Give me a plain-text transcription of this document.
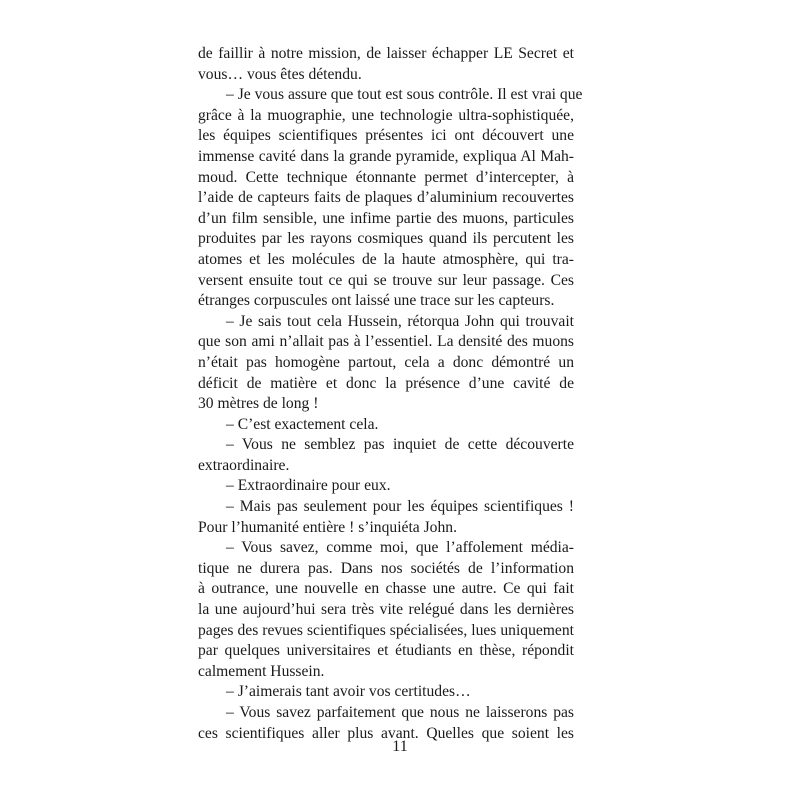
de faillir à notre mission, de laisser échapper LE Secret et
vous… vous êtes détendu.
– Je vous assure que tout est sous contrôle. Il est vrai que
grâce à la muographie, une technologie ultra-sophistiquée,
les équipes scientifiques présentes ici ont découvert une
immense cavité dans la grande pyramide, expliqua Al Mah-
moud. Cette technique étonnante permet d’intercepter, à
l’aide de capteurs faits de plaques d’aluminium recouvertes
d’un film sensible, une infime partie des muons, particules
produites par les rayons cosmiques quand ils percutent les
atomes et les molécules de la haute atmosphère, qui tra-
versent ensuite tout ce qui se trouve sur leur passage. Ces
étranges corpuscules ont laissé une trace sur les capteurs.
– Je sais tout cela Hussein, rétorqua John qui trouvait
que son ami n’allait pas à l’essentiel. La densité des muons
n’était pas homogène partout, cela a donc démontré un
déficit de matière et donc la présence d’une cavité de
30 mètres de long !
– C’est exactement cela.
– Vous ne semblez pas inquiet de cette découverte
extraordinaire.
– Extraordinaire pour eux.
– Mais pas seulement pour les équipes scientifiques !
Pour l’humanité entière ! s’inquiéta John.
– Vous savez, comme moi, que l’affolement média-
tique ne durera pas. Dans nos sociétés de l’information
à outrance, une nouvelle en chasse une autre. Ce qui fait
la une aujourd’hui sera très vite relégué dans les dernières
pages des revues scientifiques spécialisées, lues uniquement
par quelques universitaires et étudiants en thèse, répondit
calmement Hussein.
– J’aimerais tant avoir vos certitudes…
– Vous savez parfaitement que nous ne laisserons pas
ces scientifiques aller plus avant. Quelles que soient les
11
